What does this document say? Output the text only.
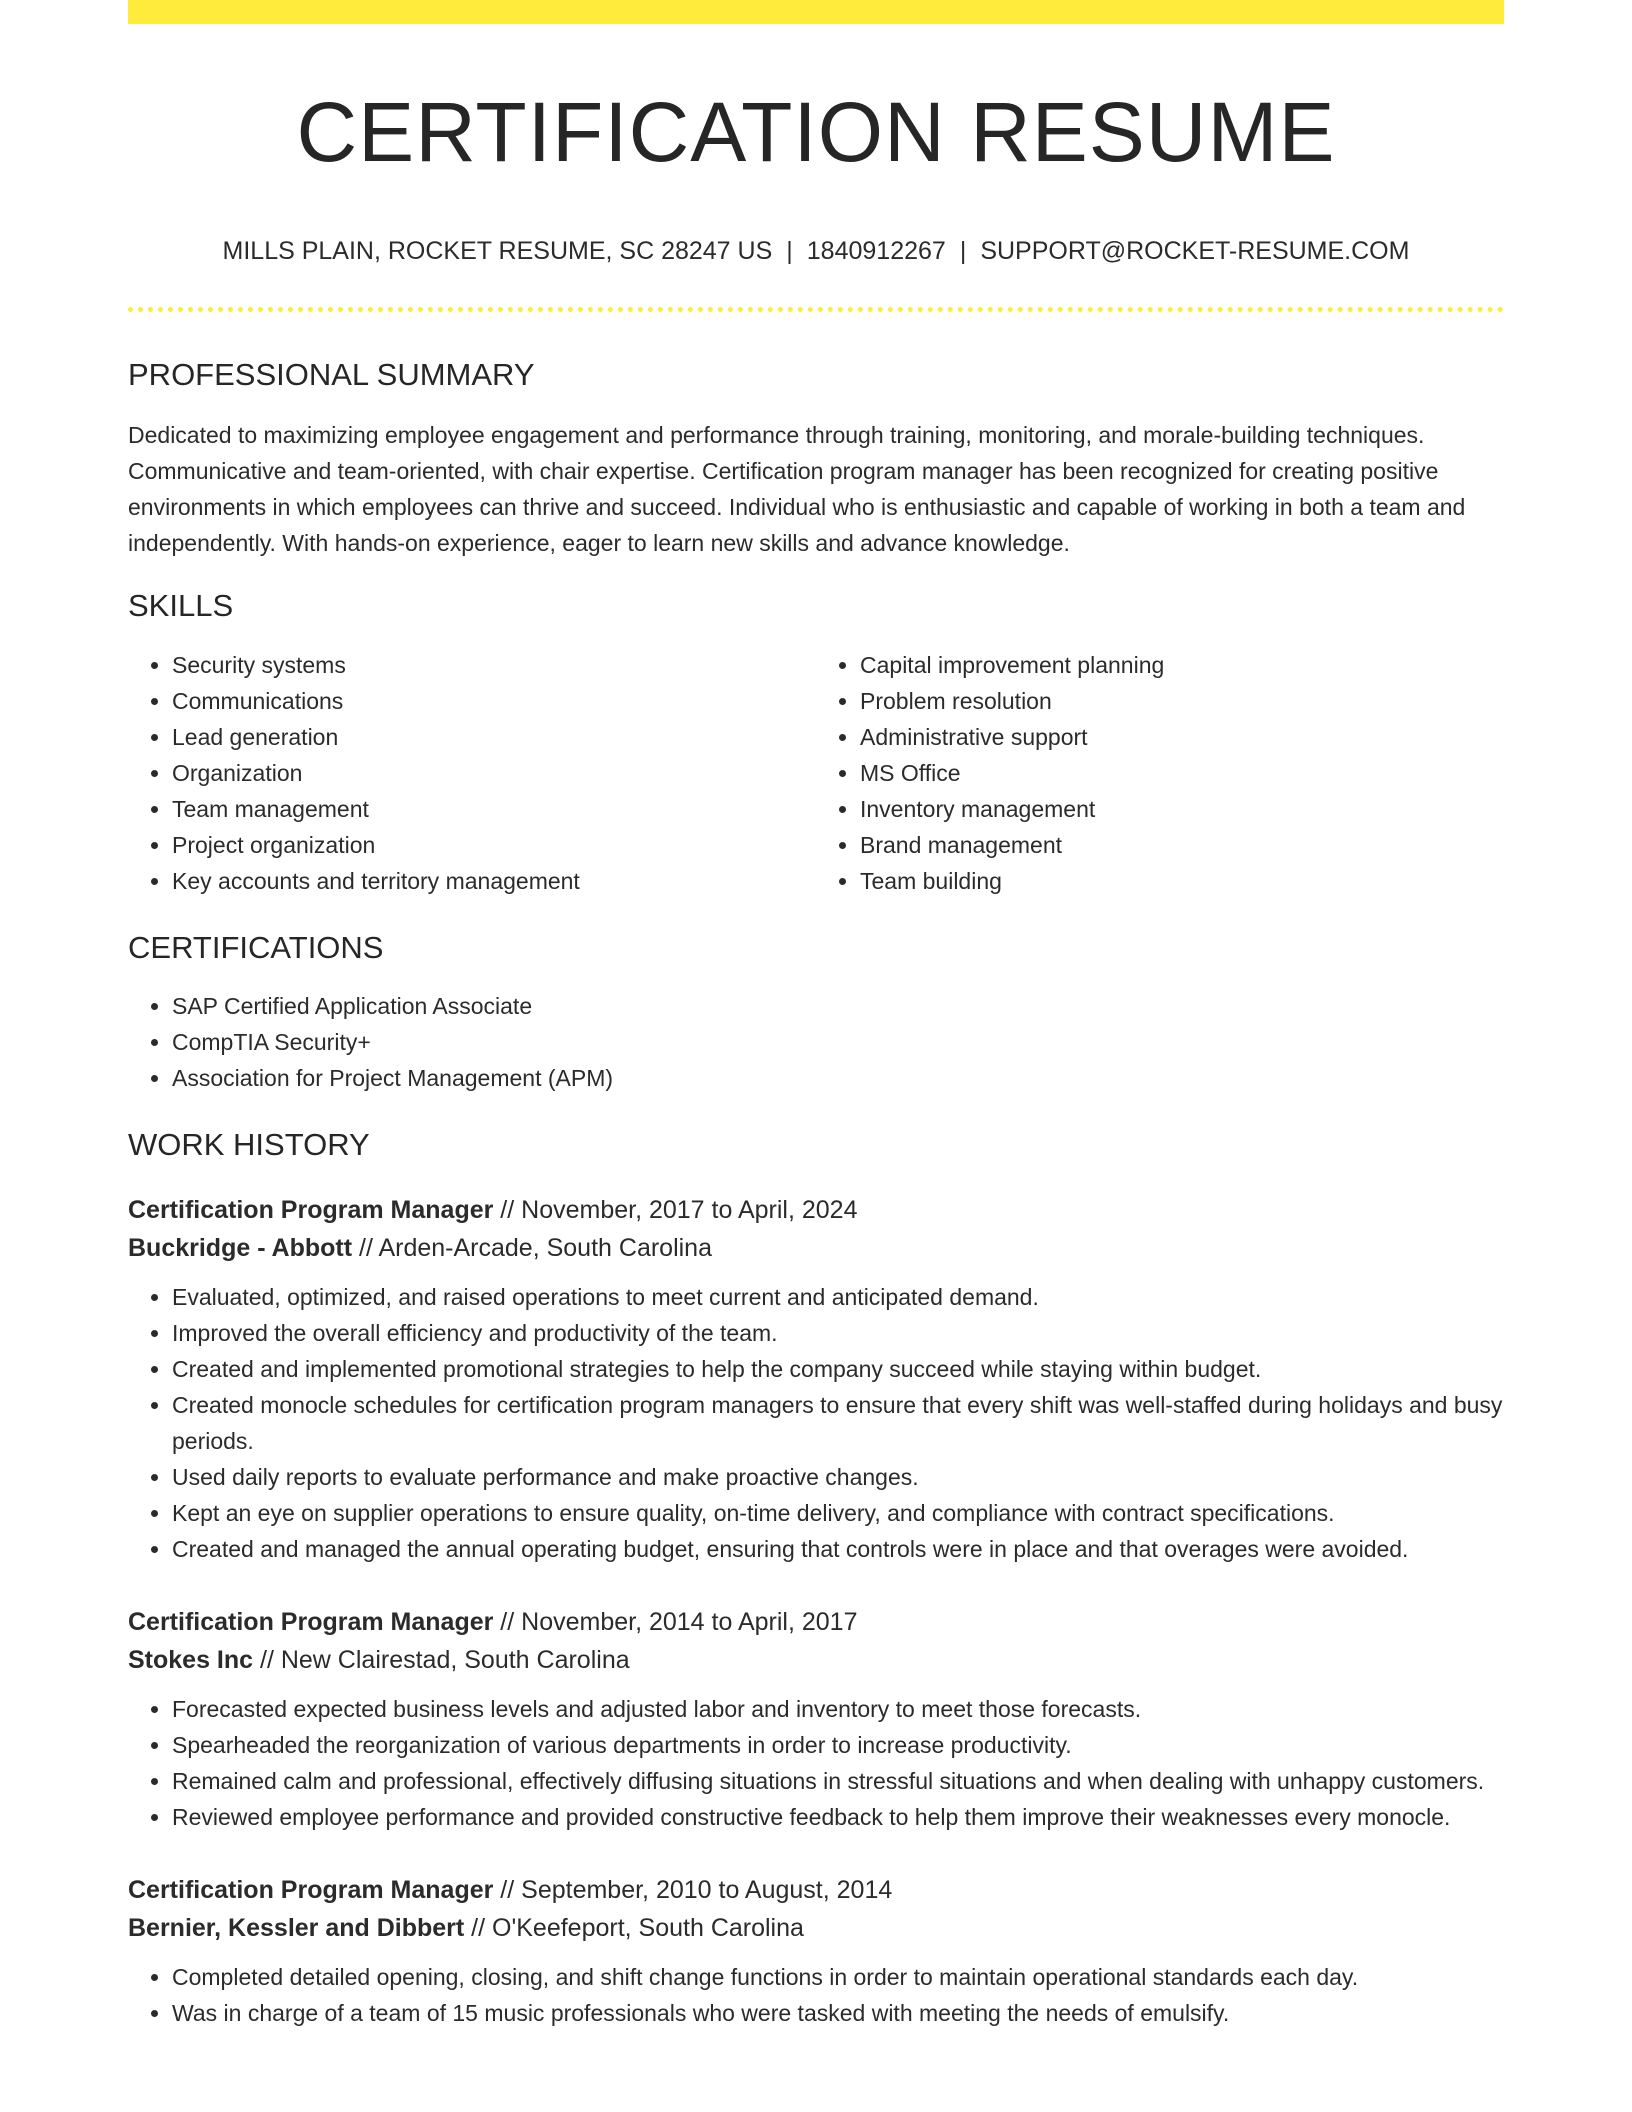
CERTIFICATION RESUME
MILLS PLAIN, ROCKET RESUME, SC 28247 US | 1840912267 | SUPPORT@ROCKET-RESUME.COM
PROFESSIONAL SUMMARY

Dedicated to maximizing employee engagement and performance through training, monitoring, and morale-building techniques. Communicative and team-oriented, with chair expertise. Certification program manager has been recognized for creating positive environments in which employees can thrive and succeed. Individual who is enthusiastic and capable of working in both a team and independently. With hands-on experience, eager to learn new skills and advance knowledge.

SKILLS
• Security systems
• Communications
• Lead generation
• Organization
• Team management
• Project organization
• Key accounts and territory management
• Capital improvement planning
• Problem resolution
• Administrative support
• MS Office
• Inventory management
• Brand management
• Team building
CERTIFICATIONS
• SAP Certified Application Associate
• CompTIA Security+
• Association for Project Management (APM)
WORK HISTORY
Certification Program Manager // November, 2017 to April, 2024
Buckridge - Abbott // Arden-Arcade, South Carolina
• Evaluated, optimized, and raised operations to meet current and anticipated demand.
• Improved the overall efficiency and productivity of the team.
• Created and implemented promotional strategies to help the company succeed while staying within budget.
• Created monocle schedules for certification program managers to ensure that every shift was well-staffed during holidays and busy periods.
• Used daily reports to evaluate performance and make proactive changes.
• Kept an eye on supplier operations to ensure quality, on-time delivery, and compliance with contract specifications.
• Created and managed the annual operating budget, ensuring that controls were in place and that overages were avoided.
Certification Program Manager // November, 2014 to April, 2017
Stokes Inc // New Clairestad, South Carolina
• Forecasted expected business levels and adjusted labor and inventory to meet those forecasts.
• Spearheaded the reorganization of various departments in order to increase productivity.
• Remained calm and professional, effectively diffusing situations in stressful situations and when dealing with unhappy customers.
• Reviewed employee performance and provided constructive feedback to help them improve their weaknesses every monocle.
Certification Program Manager // September, 2010 to August, 2014
Bernier, Kessler and Dibbert // O'Keefeport, South Carolina
• Completed detailed opening, closing, and shift change functions in order to maintain operational standards each day.
• Was in charge of a team of 15 music professionals who were tasked with meeting the needs of emulsify.
